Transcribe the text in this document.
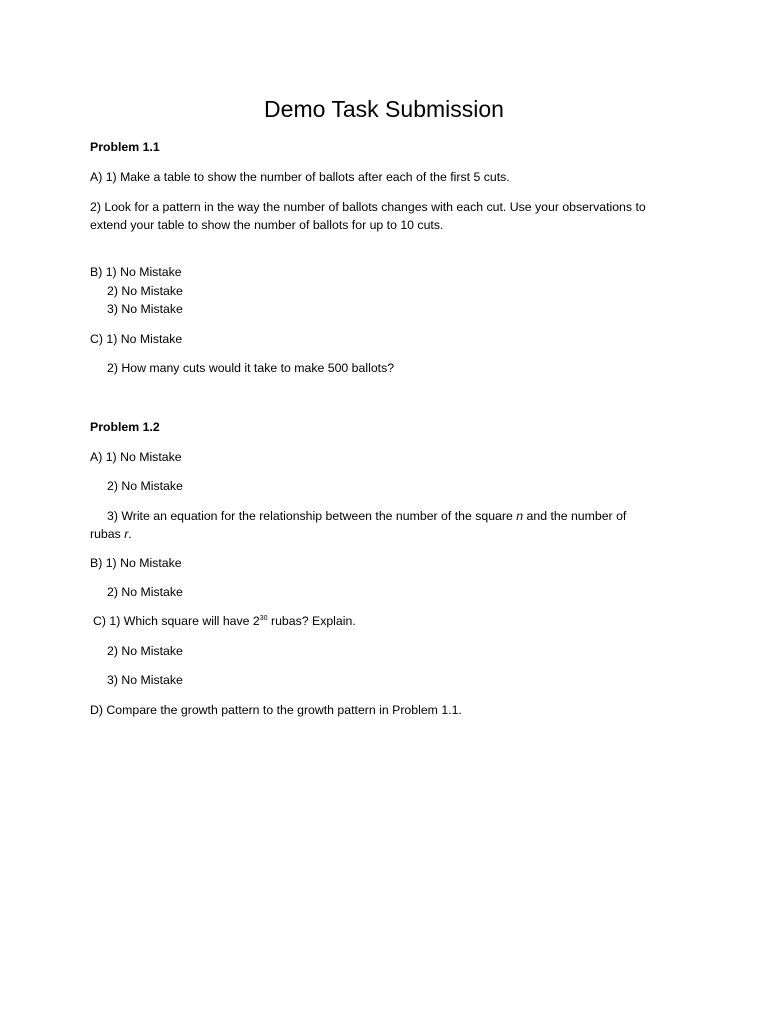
Demo Task Submission
Problem 1.1
A) 1) Make a table to show the number of ballots after each of the first 5 cuts.
2) Look for a pattern in the way the number of ballots changes with each cut. Use your observations to
extend your table to show the number of ballots for up to 10 cuts.
B) 1) No Mistake
2) No Mistake
3) No Mistake
C) 1) No Mistake
2) How many cuts would it take to make 500 ballots?
Problem 1.2
A) 1) No Mistake
2) No Mistake
3) Write an equation for the relationship between the number of the square n and the number of
rubas r.
B) 1) No Mistake
2) No Mistake
C) 1) Which square will have $2^{30}$ rubas? Explain.
2) No Mistake
3) No Mistake
D) Compare the growth pattern to the growth pattern in Problem 1.1.
